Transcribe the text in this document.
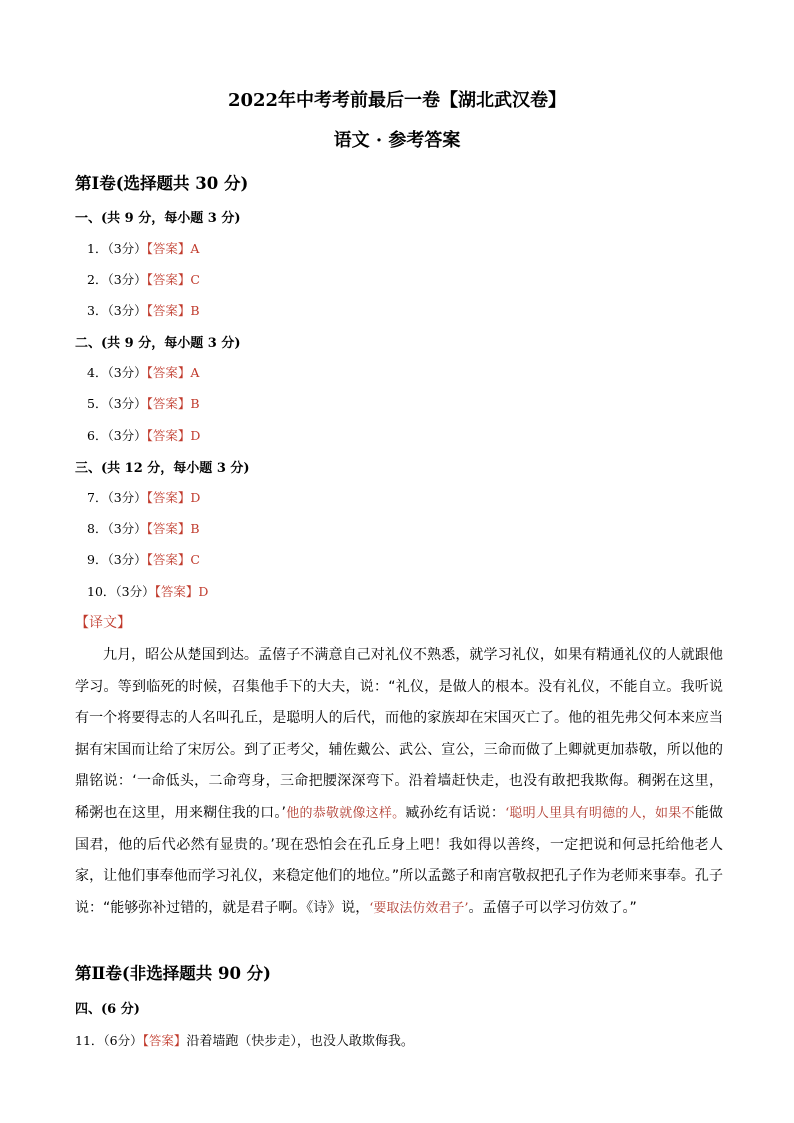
2022年中考考前最后一卷【湖北武汉卷】
语文 · 参考答案
第Ⅰ卷(选择题共 30 分)
一、(共 9 分，每小题 3 分)
1．（3分）【答案】A
2．（3分）【答案】C
3．（3分）【答案】B
二、(共 9 分，每小题 3 分)
4．（3分）【答案】A
5．（3分）【答案】B
6．（3分）【答案】D
三、(共 12 分，每小题 3 分)
7．（3分）【答案】D
8．（3分）【答案】B
9．（3分）【答案】C
10．（3分）【答案】D
【译文】

九月，昭公从楚国到达。孟僖子不满意自己对礼仪不熟悉，就学习礼仪，如果有精通礼仪的人就跟他学习。等到临死的时候，召集他手下的大夫，说：“礼仪，是做人的根本。没有礼仪，不能自立。我听说有一个将要得志的人名叫孔丘，是聪明人的后代，而他的家族却在宋国灭亡了。他的祖先弗父何本来应当据有宋国而让给了宋厉公。到了正考父，辅佐戴公、武公、宣公，三命而做了上卿就更加恭敬，所以他的鼎铭说：‘一命低头，二命弯身，三命把腰深深弯下。沿着墙赶快走，也没有敢把我欺侮。稠粥在这里，稀粥也在这里，用来糊住我的口。’他的恭敬就像这样。臧孙纥有话说：‘聪明人里具有明德的人，如果不能做国君，他的后代必然有显贵的。’现在恐怕会在孔丘身上吧！我如得以善终，一定把说和何忌托给他老人家，让他们事奉他而学习礼仪，来稳定他们的地位。”所以孟懿子和南宫敬叔把孔子作为老师来事奉。孔子说：“能够弥补过错的，就是君子啊。《诗》说，‘要取法仿效君子’。孟僖子可以学习仿效了。”

第Ⅱ卷(非选择题共 90 分)
四、(6 分)
11．（6分）【答案】沿着墙跑（快步走），也没人敢欺侮我。
